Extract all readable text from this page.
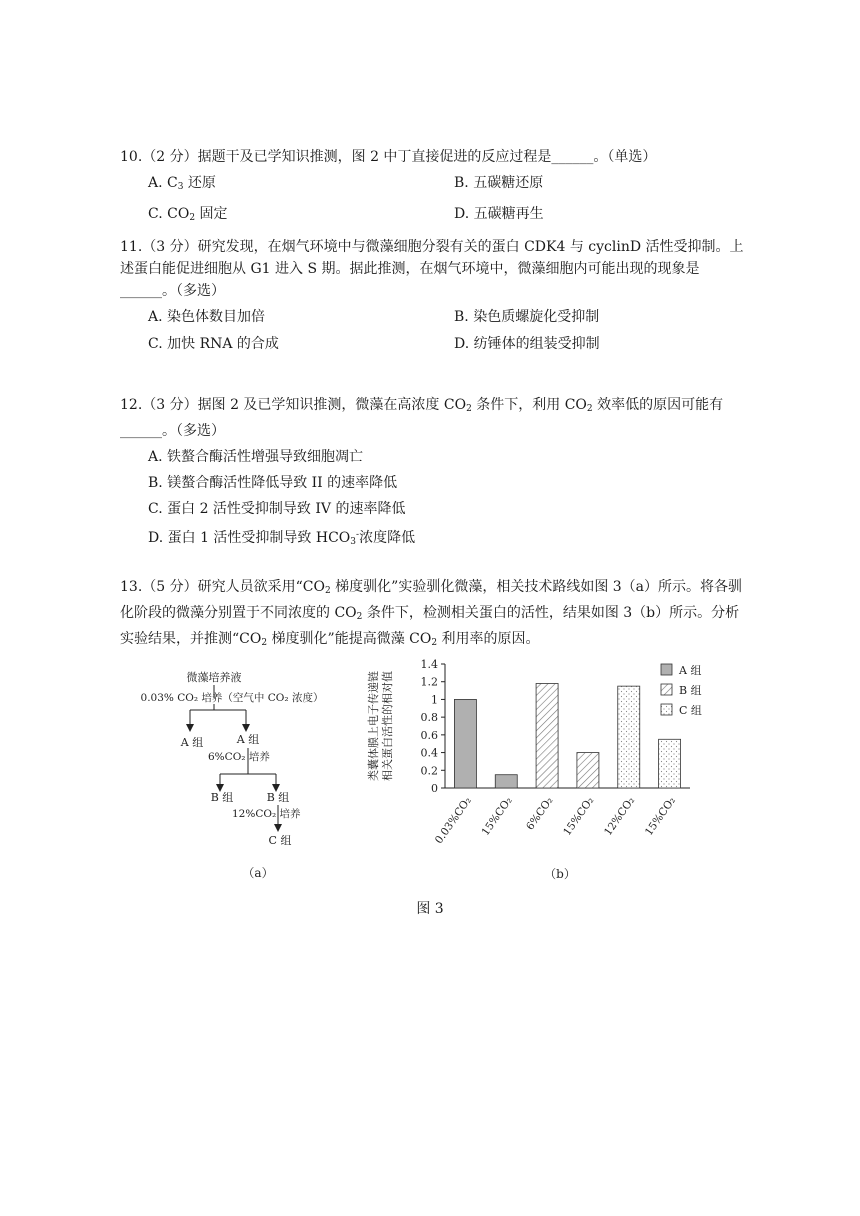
10.（2 分）据题干及已学知识推测，图 2 中丁直接促进的反应过程是______。（单选）

A. $C_3$ 还原	B. 五碳糖还原
C. $CO_2$ 固定	D. 五碳糖再生

11.（3 分）研究发现，在烟气环境中与微藻细胞分裂有关的蛋白 CDK4 与 cyclinD 活性受抑制。上述蛋白能促进细胞从 G1 进入 S 期。据此推测，在烟气环境中，微藻细胞内可能出现的现象是______。（多选）

A. 染色体数目加倍	B. 染色质螺旋化受抑制
C. 加快 RNA 的合成	D. 纺锤体的组装受抑制

12.（3 分）据图 2 及已学知识推测，微藻在高浓度 $CO_2$ 条件下，利用 $CO_2$ 效率低的原因可能有______。（多选）

A. 铁螯合酶活性增强导致细胞凋亡
B. 镁螯合酶活性降低导致 II 的速率降低
C. 蛋白 2 活性受抑制导致 IV 的速率降低
D. 蛋白 1 活性受抑制导致 $HCO_3^-$浓度降低

13.（5 分）研究人员欲采用“$CO_2$ 梯度驯化”实验驯化微藻，相关技术路线如图 3（a）所示。将各驯化阶段的微藻分别置于不同浓度的 $CO_2$ 条件下，检测相关蛋白的活性，结果如图 3（b）所示。分析实验结果，并推测“$CO_2$ 梯度驯化”能提高微藻 $CO_2$ 利用率的原因。

微藻培养液
0.03% CO₂ 培养（空气中 CO₂ 浓度）
A 组	A 组
6%CO₂ 培养
B 组	B 组
12%CO₂ 培养
C 组
（a）
类囊体膜上电子传递链 相关蛋白活性的相对值
0
0.2
0.4
0.6
0.8
1
1.2
1.4
0.03%CO₂ 15%CO₂ 6%CO₂ 15%CO₂ 12%CO₂ 15%CO₂
A 组
B 组
C 组
（b）
图 3
